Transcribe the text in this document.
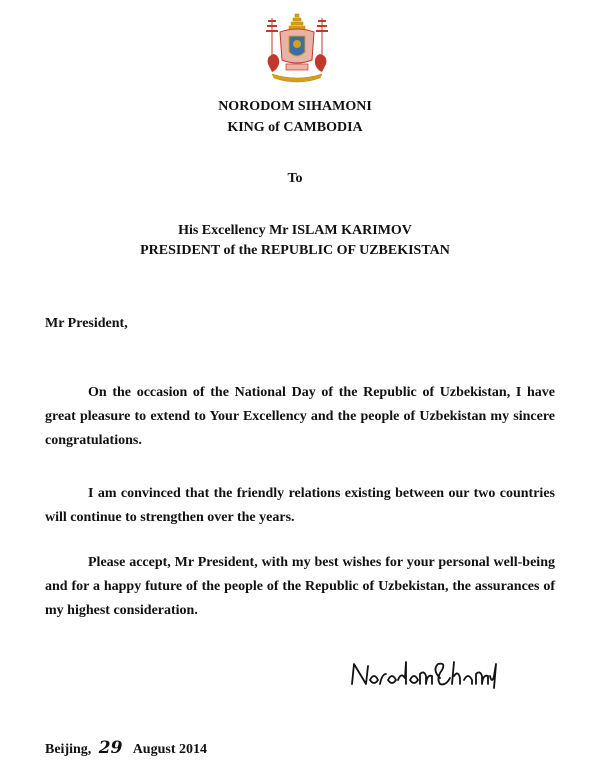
NORODOM SIHAMONI
KING of CAMBODIA
To
His Excellency Mr ISLAM KARIMOV
PRESIDENT of the REPUBLIC OF UZBEKISTAN

Mr President,

On the occasion of the National Day of the Republic of Uzbekistan, I have great pleasure to extend to Your Excellency and the people of Uzbekistan my sincere congratulations.

I am convinced that the friendly relations existing between our two countries will continue to strengthen over the years.

Please accept, Mr President, with my best wishes for your personal well-being and for a happy future of the people of the Republic of Uzbekistan, the assurances of my highest consideration.

Beijing, 29 August 2014
